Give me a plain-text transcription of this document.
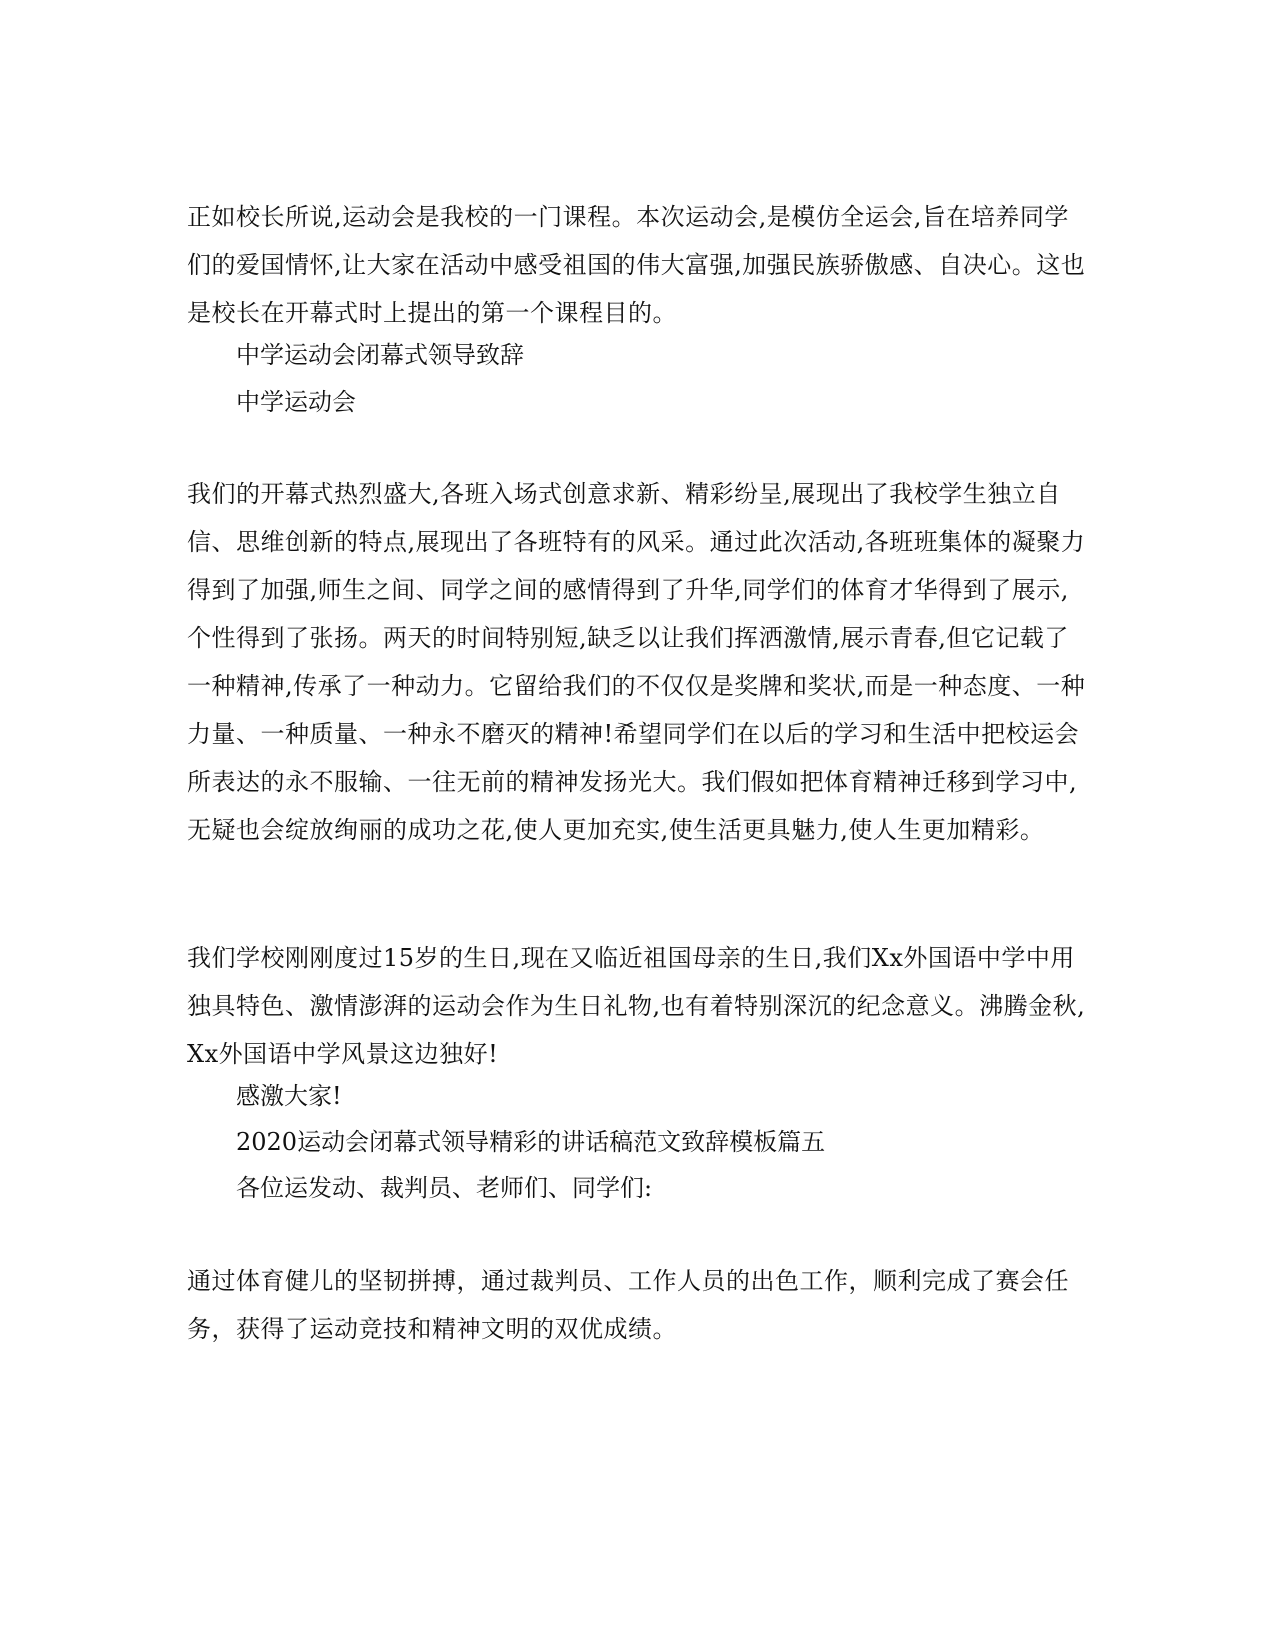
正如校长所说,运动会是我校的一门课程。本次运动会,是模仿全运会,旨在培养同学们的爱国情怀,让大家在活动中感受祖国的伟大富强,加强民族骄傲感、自决心。这也是校长在开幕式时上提出的第一个课程目的。

中学运动会闭幕式领导致辞

中学运动会

我们的开幕式热烈盛大,各班入场式创意求新、精彩纷呈,展现出了我校学生独立自信、思维创新的特点,展现出了各班特有的风采。通过此次活动,各班班集体的凝聚力得到了加强,师生之间、同学之间的感情得到了升华,同学们的体育才华得到了展示,个性得到了张扬。两天的时间特别短,缺乏以让我们挥洒激情,展示青春,但它记载了一种精神,传承了一种动力。它留给我们的不仅仅是奖牌和奖状,而是一种态度、一种力量、一种质量、一种永不磨灭的精神!希望同学们在以后的学习和生活中把校运会所表达的永不服输、一往无前的精神发扬光大。我们假如把体育精神迁移到学习中,无疑也会绽放绚丽的成功之花,使人更加充实,使生活更具魅力,使人生更加精彩。

我们学校刚刚度过15岁的生日,现在又临近祖国母亲的生日,我们Xx外国语中学中用独具特色、激情澎湃的运动会作为生日礼物,也有着特别深沉的纪念意义。沸腾金秋,Xx外国语中学风景这边独好!

感激大家!

2020运动会闭幕式领导精彩的讲话稿范文致辞模板篇五

各位运发动、裁判员、老师们、同学们:

通过体育健儿的坚韧拼搏，通过裁判员、工作人员的出色工作，顺利完成了赛会任务，获得了运动竞技和精神文明的双优成绩。
